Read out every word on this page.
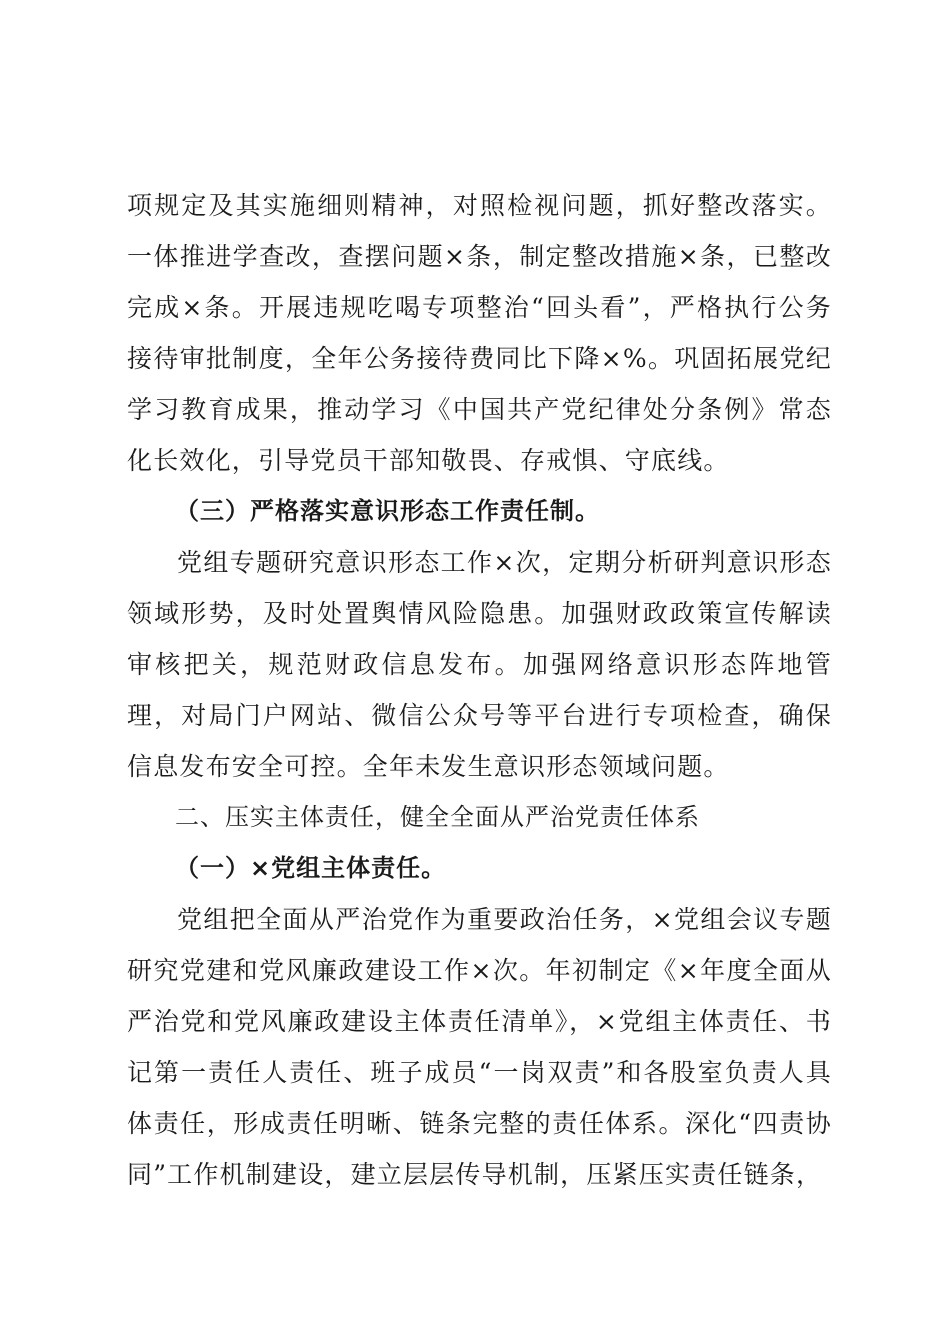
项规定及其实施细则精神，对照检视问题，抓好整改落实。一体推进学查改，查摆问题×条，制定整改措施×条，已整改完成×条。开展违规吃喝专项整治“回头看”，严格执行公务接待审批制度，全年公务接待费同比下降×%。巩固拓展党纪学习教育成果，推动学习《中国共产党纪律处分条例》常态化长效化，引导党员干部知敬畏、存戒惧、守底线。

（三）严格落实意识形态工作责任制。

党组专题研究意识形态工作×次，定期分析研判意识形态领域形势，及时处置舆情风险隐患。加强财政政策宣传解读审核把关，规范财政信息发布。加强网络意识形态阵地管理，对局门户网站、微信公众号等平台进行专项检查，确保信息发布安全可控。全年未发生意识形态领域问题。

二、压实主体责任，健全全面从严治党责任体系

（一）×党组主体责任。

党组把全面从严治党作为重要政治任务，×党组会议专题研究党建和党风廉政建设工作×次。年初制定《×年度全面从严治党和党风廉政建设主体责任清单》，×党组主体责任、书记第一责任人责任、班子成员“一岗双责”和各股室负责人具体责任，形成责任明晰、链条完整的责任体系。深化“四责协同”工作机制建设，建立层层传导机制，压紧压实责任链条，
